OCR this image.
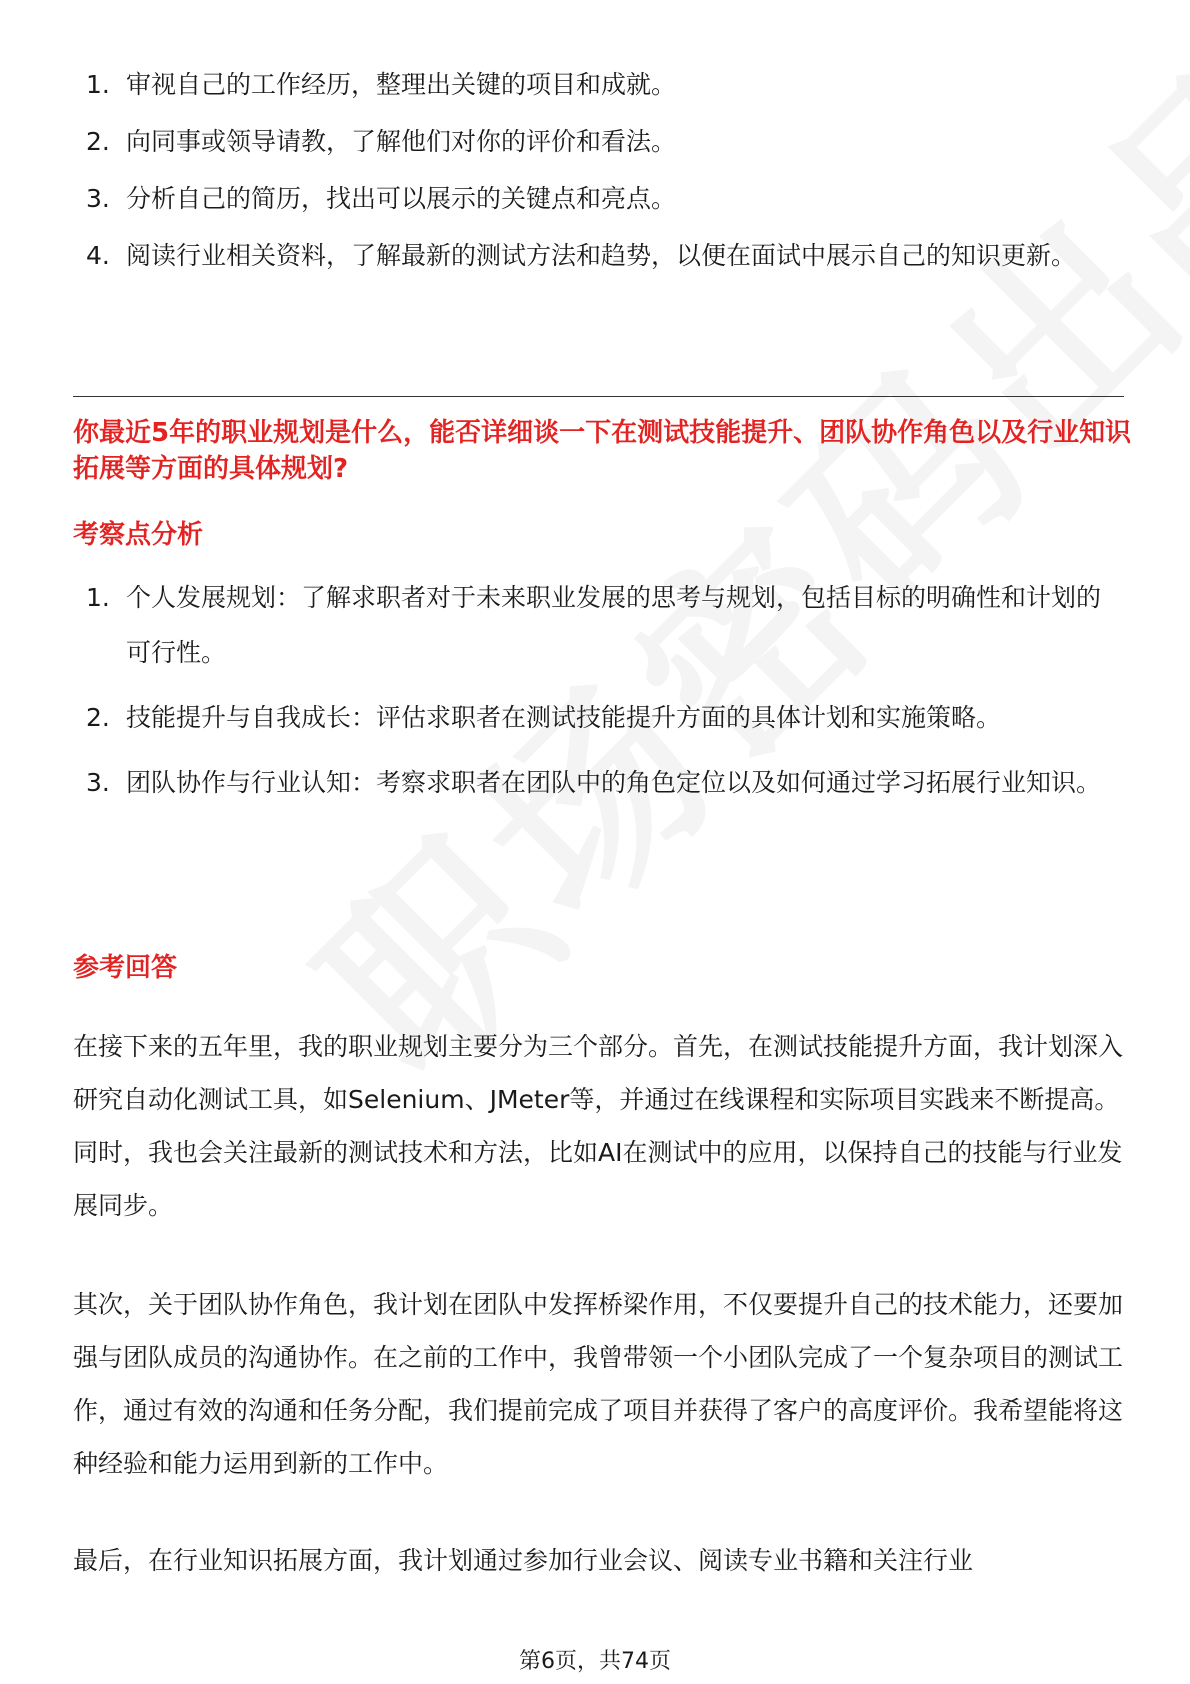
1. 审视自己的工作经历，整理出关键的项目和成就。
2. 向同事或领导请教，了解他们对你的评价和看法。
3. 分析自己的简历，找出可以展示的关键点和亮点。
4. 阅读行业相关资料，了解最新的测试方法和趋势，以便在面试中展示自己的知识更新。
你最近5年的职业规划是什么，能否详细谈一下在测试技能提升、团队协作角色以及行业知识拓展等方面的具体规划?
考察点分析
1. 个人发展规划：了解求职者对于未来职业发展的思考与规划，包括目标的明确性和计划的可行性。
2. 技能提升与自我成长：评估求职者在测试技能提升方面的具体计划和实施策略。
3. 团队协作与行业认知：考察求职者在团队中的角色定位以及如何通过学习拓展行业知识。
参考回答

在接下来的五年里，我的职业规划主要分为三个部分。首先，在测试技能提升方面，我计划深入研究自动化测试工具，如Selenium、JMeter等，并通过在线课程和实际项目实践来不断提高。同时，我也会关注最新的测试技术和方法，比如AI在测试中的应用，以保持自己的技能与行业发展同步。

其次，关于团队协作角色，我计划在团队中发挥桥梁作用，不仅要提升自己的技术能力，还要加强与团队成员的沟通协作。在之前的工作中，我曾带领一个小团队完成了一个复杂项目的测试工作，通过有效的沟通和任务分配，我们提前完成了项目并获得了客户的高度评价。我希望能将这种经验和能力运用到新的工作中。

最后，在行业知识拓展方面，我计划通过参加行业会议、阅读专业书籍和关注行业

第6页，共74页
